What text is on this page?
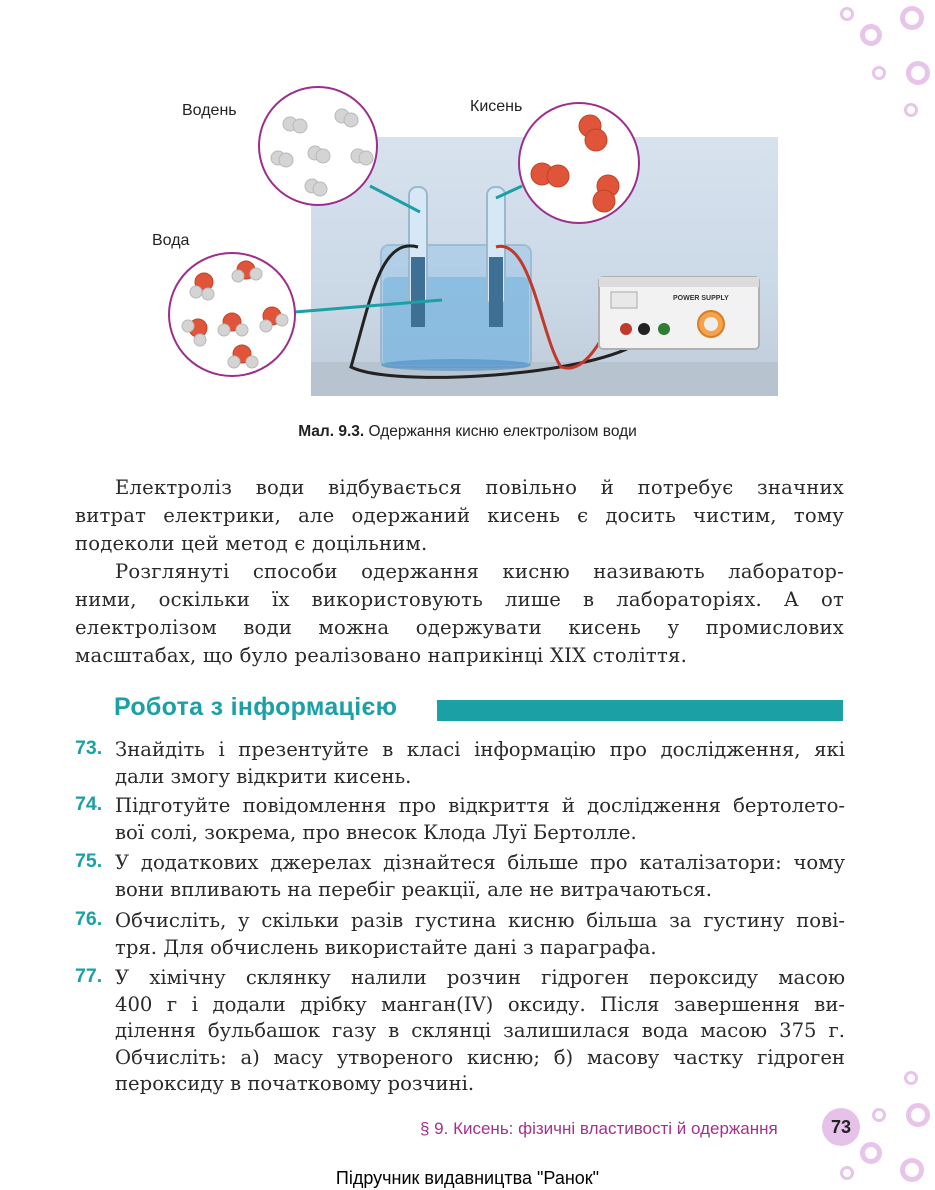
POWER SUPPLY
Водень	Кисень
Вода
Мал. 9.3. Одержання кисню електролізом води
Електроліз води відбувається повільно й потребує значних
витрат електрики, але одержаний кисень є досить чистим, тому
подеколи цей метод є доцільним.
Розглянуті способи одержання кисню називають лаборатор-
ними, оскільки їх використовують лише в лабораторіях. А от
електролізом води можна одержувати кисень у промислових
масштабах, що було реалізовано наприкінці XIX століття.
Робота з інформацією
73. Знайдіть і презентуйте в класі інформацію про дослідження, які
дали змогу відкрити кисень.
74. Підготуйте повідомлення про відкриття й дослідження бертолето-
вої солі, зокрема, про внесок Клода Луї Бертолле.
75. У додаткових джерелах дізнайтеся більше про каталізатори: чому
вони впливають на перебіг реакції, але не витрачаються.
76. Обчисліть, у скільки разів густина кисню більша за густину пові-
тря. Для обчислень використайте дані з параграфа.
77. У хімічну склянку налили розчин гідроген пероксиду масою
400 г і додали дрібку манган(IV) оксиду. Після завершення ви-
ділення бульбашок газу в склянці залишилася вода масою 375 г.
Обчисліть: а) масу утвореного кисню; б) масову частку гідроген
пероксиду в початковому розчині.
§ 9. Кисень: фізичні властивості й одержання	73
Підручник видавництва "Ранок"
